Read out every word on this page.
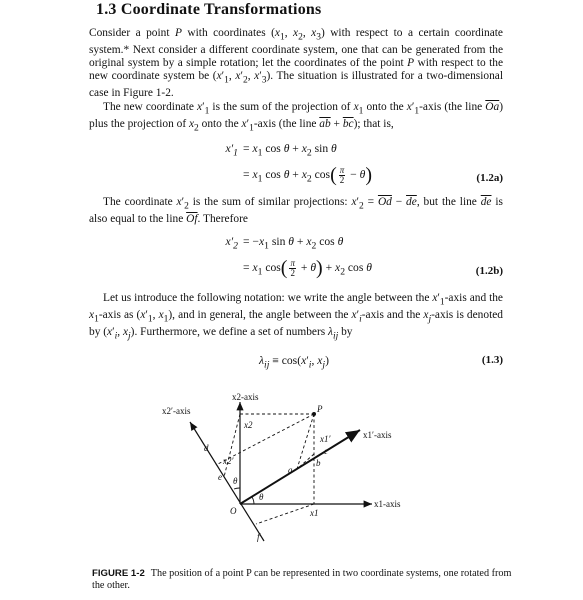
1.3 Coordinate Transformations

Consider a point P with coordinates ($x_1$, $x_2$, $x_3$) with respect to a certain coordinate system.* Next consider a different coordinate system, one that can be generated from the original system by a simple rotation; let the coordinates of the point P with respect to the new coordinate system be ($x'_1$, $x'_2$, $x'_3$). The situation is illustrated for a two-dimensional case in Figure 1-2.

The new coordinate $x'_1$ is the sum of the projection of $x_1$ onto the $x'_1$-axis (the line $\overline{Oa}$) plus the projection of $x_2$ onto the $x'_1$-axis (the line $\overline{ab} + \overline{bc}$); that is,

$x'_1 = x_1$ $\cos \theta + x_2$ sin θ
= $x_1$ $\cos \theta + x_2$ $\cos( \frac{\pi}{2} - \theta)$	(1.2a)

The coordinate $x'_2$ is the sum of similar projections: $x'_2 = \overline{Od} - \overline{de}$, but the line $\overline{de}$ is also equal to the line $\overline{Of}$. Therefore

$x'_2 = -x_1$ $\sin \theta + x_2$ cos θ
= $x_1$ $\cos( \frac{\pi}{2} + \theta) + x_2$ cos θ	(1.2b)

Let us introduce the following notation: we write the angle between the $x'_1$-axis and the $x_1$-axis as ($x'_1$, $x_1$), and in general, the angle between the $x'_i$-axis and the $x_j$-axis is denoted by ($x'_i$, $x_j$). Furthermore, we define a set of numbers $\lambda_{ij}$ by

$\lambda_{ij} \equiv \cos(x'_i$, $x_j$)	(1.3)
x2-axis
x2′-axis
x1′-axis
x1-axis
P
O
x2
x2′
x1
x1′
θ
θ
a
b
c
d
e
f
FIGURE 1-2 The position of a point P can be represented in two coordinate systems, one rotated from the other.
